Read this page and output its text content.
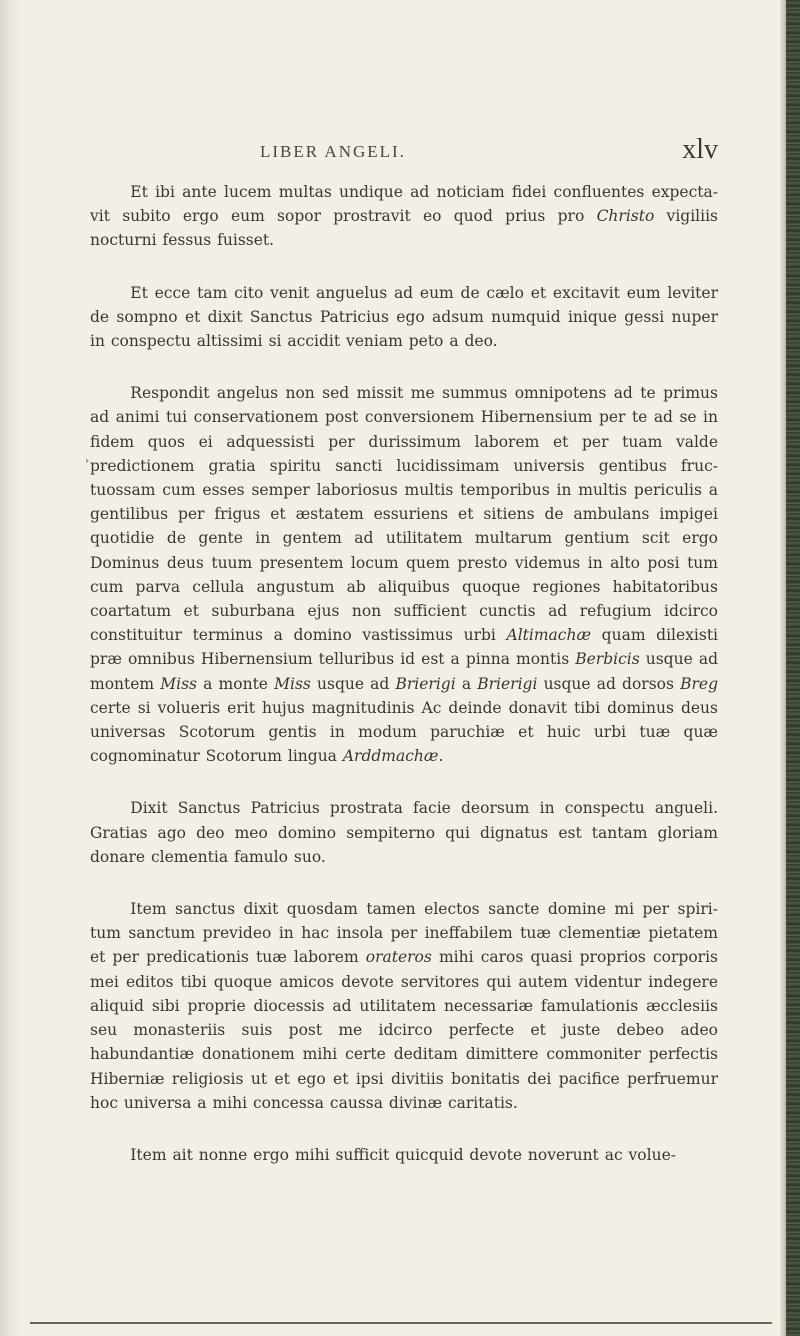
LIBER ANGELI.	xlv

Et ibi ante lucem multas undique ad noticiam fidei confluentes expectavit subito ergo eum sopor prostravit eo quod prius pro Christo vigiliis nocturni fessus fuisset.

Et ecce tam cito venit anguelus ad eum de cælo et excitavit eum leviter de sompno et dixit Sanctus Patricius ego adsum numquid inique gessi nuper in conspectu altissimi si accidit veniam peto a deo.

Respondit angelus non sed missit me summus omnipotens ad te primus ad animi tui conservationem post conversionem Hibernensium per te ad se in fidem quos ei adquessisti per durissimum laborem et per tuam valde predictionem gratia spiritu sancti lucidissimam universis gentibus fructuossam cum esses semper laboriosus multis temporibus in multis periculis a gentilibus per frigus et æstatem essuriens et sitiens de ambulans impigei quotidie de gente in gentem ad utilitatem multarum gentium scit ergo Dominus deus tuum presentem locum quem presto videmus in alto posi tum cum parva cellula angustum ab aliquibus quoque regiones habitatoribus coartatum et suburbana ejus non sufficient cunctis ad refugium idcirco constituitur terminus a domino vastissimus urbi Altimachæ quam dilexisti præ omnibus Hibernensium telluribus id est a pinna montis Berbicis usque ad montem Miss a monte Miss usque ad Brierigi a Brierigi usque ad dorsos Breg certe si volueris erit hujus magnitudinis Ac deinde donavit tibi dominus deus universas Scotorum gentis in modum paruchiæ et huic urbi tuæ quæ cognominatur Scotorum lingua Arddmachæ.

Dixit Sanctus Patricius prostrata facie deorsum in conspectu angueli. Gratias ago deo meo domino sempiterno qui dignatus est tantam gloriam donare clementia famulo suo.

Item sanctus dixit quosdam tamen electos sancte domine mi per spiritum sanctum prevideo in hac insola per ineffabilem tuæ clementiæ pietatem et per predicationis tuæ laborem orateros mihi caros quasi proprios corporis mei editos tibi quoque amicos devote servitores qui autem videntur indegere aliquid sibi proprie diocessis ad utilitatem necessariæ famulationis æcclesiis seu monasteriis suis post me idcirco perfecte et juste debeo adeo habundantiæ donationem mihi certe deditam dimittere commoniter perfectis Hiberniæ religiosis ut et ego et ipsi divitiis bonitatis dei pacifice perfruemur hoc universa a mihi concessa caussa divinæ caritatis.

Item ait nonne ergo mihi sufficit quicquid devote noverunt ac volue-

›
